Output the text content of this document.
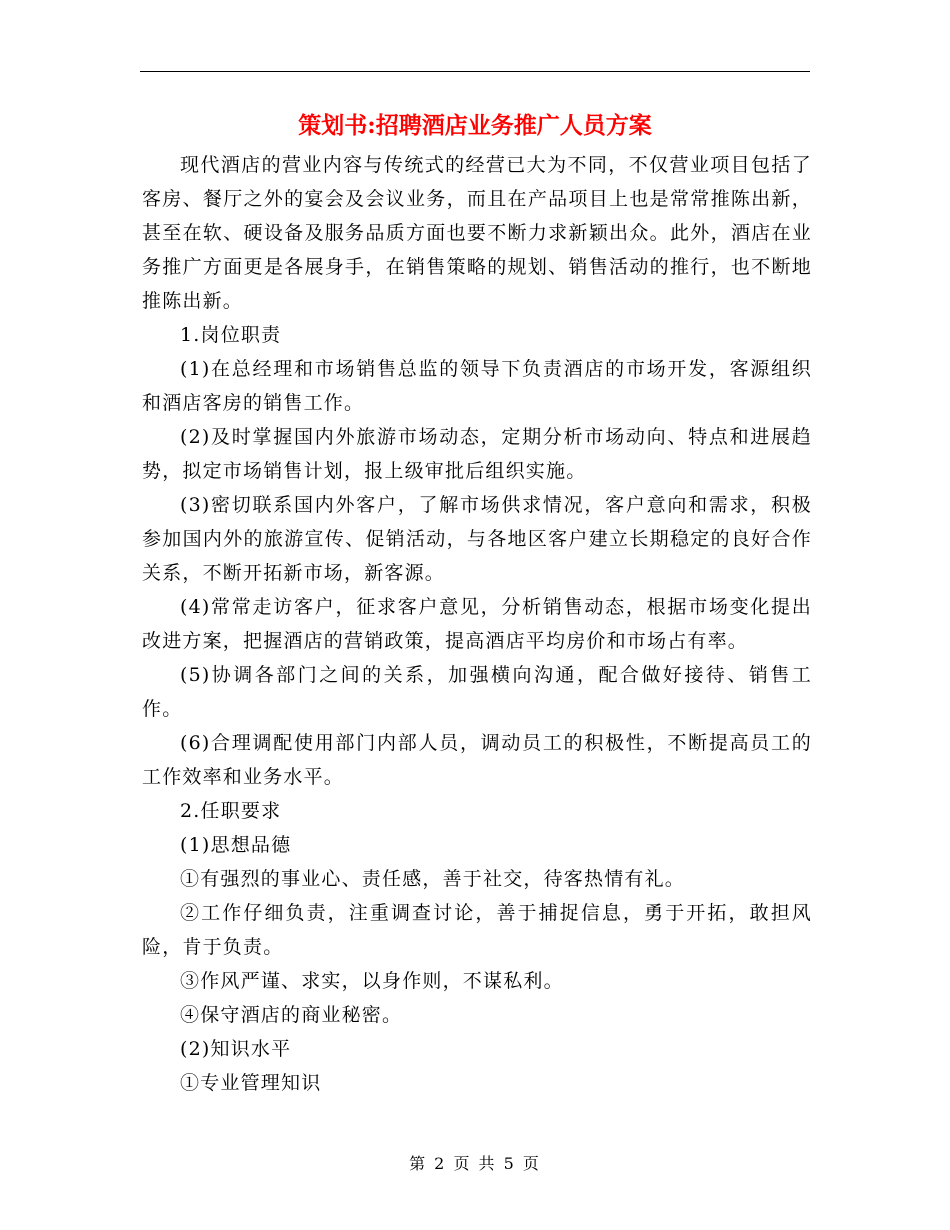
策划书:招聘酒店业务推广人员方案

现代酒店的营业内容与传统式的经营已大为不同，不仅营业项目包括了客房、餐厅之外的宴会及会议业务，而且在产品项目上也是常常推陈出新，甚至在软、硬设备及服务品质方面也要不断力求新颖出众。此外，酒店在业务推广方面更是各展身手，在销售策略的规划、销售活动的推行，也不断地推陈出新。

1.岗位职责

(1)在总经理和市场销售总监的领导下负责酒店的市场开发，客源组织和酒店客房的销售工作。

(2)及时掌握国内外旅游市场动态，定期分析市场动向、特点和进展趋势，拟定市场销售计划，报上级审批后组织实施。

(3)密切联系国内外客户，了解市场供求情况，客户意向和需求，积极参加国内外的旅游宣传、促销活动，与各地区客户建立长期稳定的良好合作关系，不断开拓新市场，新客源。

(4)常常走访客户，征求客户意见，分析销售动态，根据市场变化提出改进方案，把握酒店的营销政策，提高酒店平均房价和市场占有率。

(5)协调各部门之间的关系，加强横向沟通，配合做好接待、销售工作。

(6)合理调配使用部门内部人员，调动员工的积极性，不断提高员工的工作效率和业务水平。

2.任职要求

(1)思想品德

①有强烈的事业心、责任感，善于社交，待客热情有礼。

②工作仔细负责，注重调查讨论，善于捕捉信息，勇于开拓，敢担风险，肯于负责。

③作风严谨、求实，以身作则，不谋私利。

④保守酒店的商业秘密。

(2)知识水平

①专业管理知识

第 2 页 共 5 页
